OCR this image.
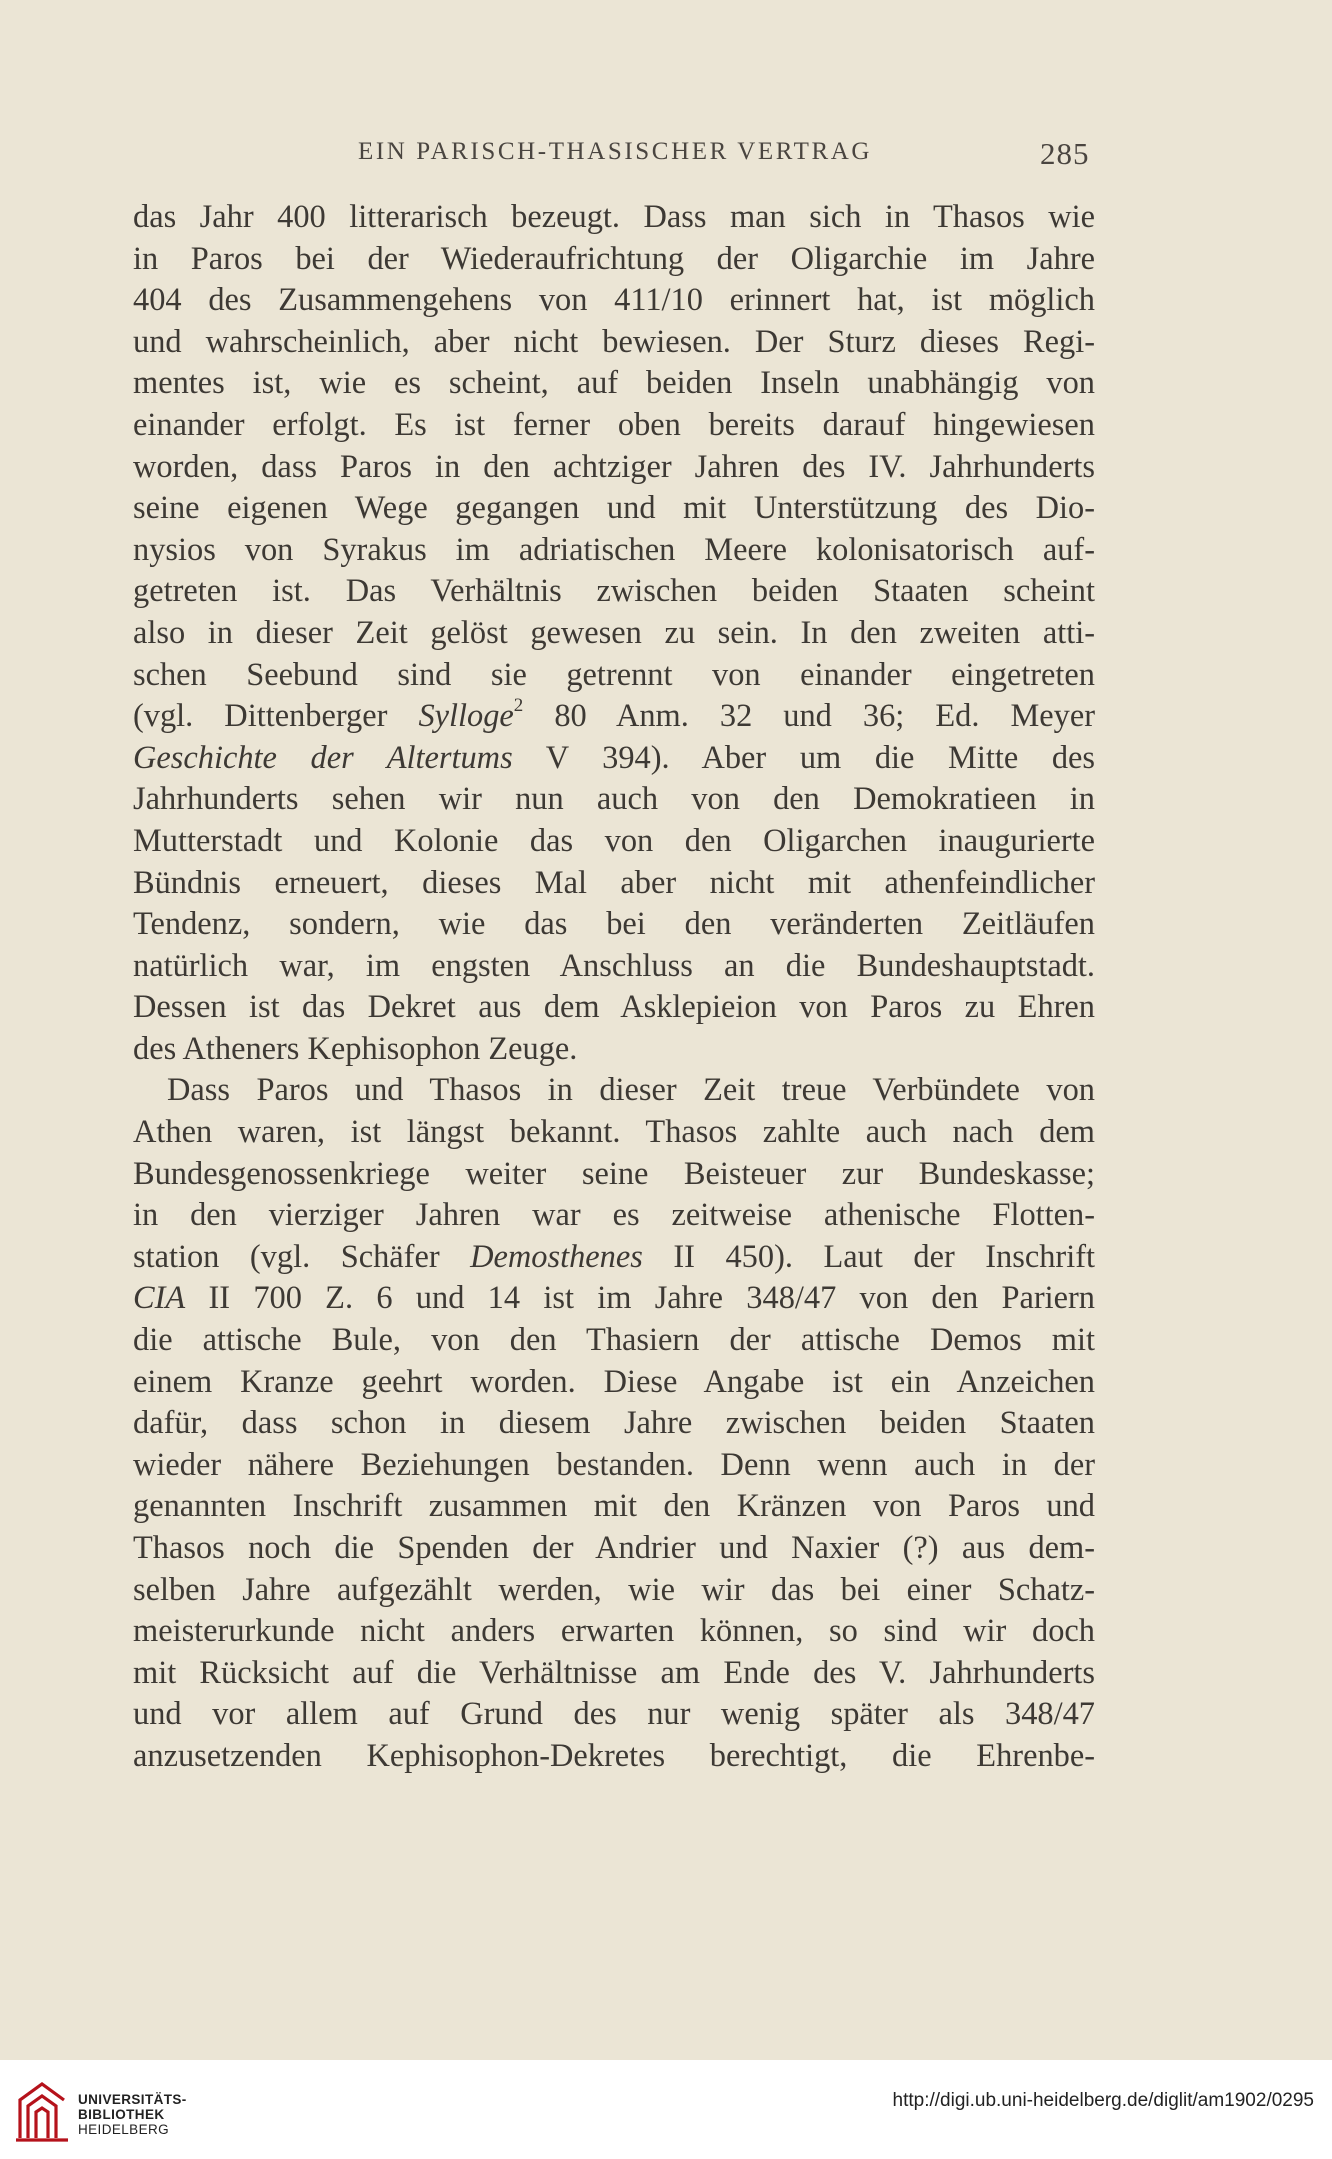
EIN PARISCH-THASISCHER VERTRAG	285
das Jahr 400 litterarisch bezeugt. Dass man sich in Thasos wie
in Paros bei der Wiederaufrichtung der Oligarchie im Jahre
404 des Zusammengehens von 411/10 erinnert hat, ist möglich
und wahrscheinlich, aber nicht bewiesen. Der Sturz dieses Regi-
mentes ist, wie es scheint, auf beiden Inseln unabhängig von
einander erfolgt. Es ist ferner oben bereits darauf hingewiesen
worden, dass Paros in den achtziger Jahren des IV. Jahrhunderts
seine eigenen Wege gegangen und mit Unterstützung des Dio-
nysios von Syrakus im adriatischen Meere kolonisatorisch auf-
getreten ist. Das Verhältnis zwischen beiden Staaten scheint
also in dieser Zeit gelöst gewesen zu sein. In den zweiten atti-
schen Seebund sind sie getrennt von einander eingetreten
(vgl. Dittenberger Sylloge$^2$ 80 Anm. 32 und 36; Ed. Meyer
Geschichte der Altertums V 394). Aber um die Mitte des
Jahrhunderts sehen wir nun auch von den Demokratieen in
Mutterstadt und Kolonie das von den Oligarchen inaugurierte
Bündnis erneuert, dieses Mal aber nicht mit athenfeindlicher
Tendenz, sondern, wie das bei den veränderten Zeitläufen
natürlich war, im engsten Anschluss an die Bundeshauptstadt.
Dessen ist das Dekret aus dem Asklepieion von Paros zu Ehren
des Atheners Kephisophon Zeuge.
Dass Paros und Thasos in dieser Zeit treue Verbündete von
Athen waren, ist längst bekannt. Thasos zahlte auch nach dem
Bundesgenossenkriege weiter seine Beisteuer zur Bundeskasse;
in den vierziger Jahren war es zeitweise athenische Flotten-
station (vgl. Schäfer Demosthenes II 450). Laut der Inschrift
CIA II 700 Z. 6 und 14 ist im Jahre 348/47 von den Pariern
die attische Bule, von den Thasiern der attische Demos mit
einem Kranze geehrt worden. Diese Angabe ist ein Anzeichen
dafür, dass schon in diesem Jahre zwischen beiden Staaten
wieder nähere Beziehungen bestanden. Denn wenn auch in der
genannten Inschrift zusammen mit den Kränzen von Paros und
Thasos noch die Spenden der Andrier und Naxier (?) aus dem-
selben Jahre aufgezählt werden, wie wir das bei einer Schatz-
meisterurkunde nicht anders erwarten können, so sind wir doch
mit Rücksicht auf die Verhältnisse am Ende des V. Jahrhunderts
und vor allem auf Grund des nur wenig später als 348/47
anzusetzenden Kephisophon-Dekretes berechtigt, die Ehrenbe-
UNIVERSITÄTS-
BIBLIOTHEK
HEIDELBERG
http://digi.ub.uni-heidelberg.de/diglit/am1902/0295
